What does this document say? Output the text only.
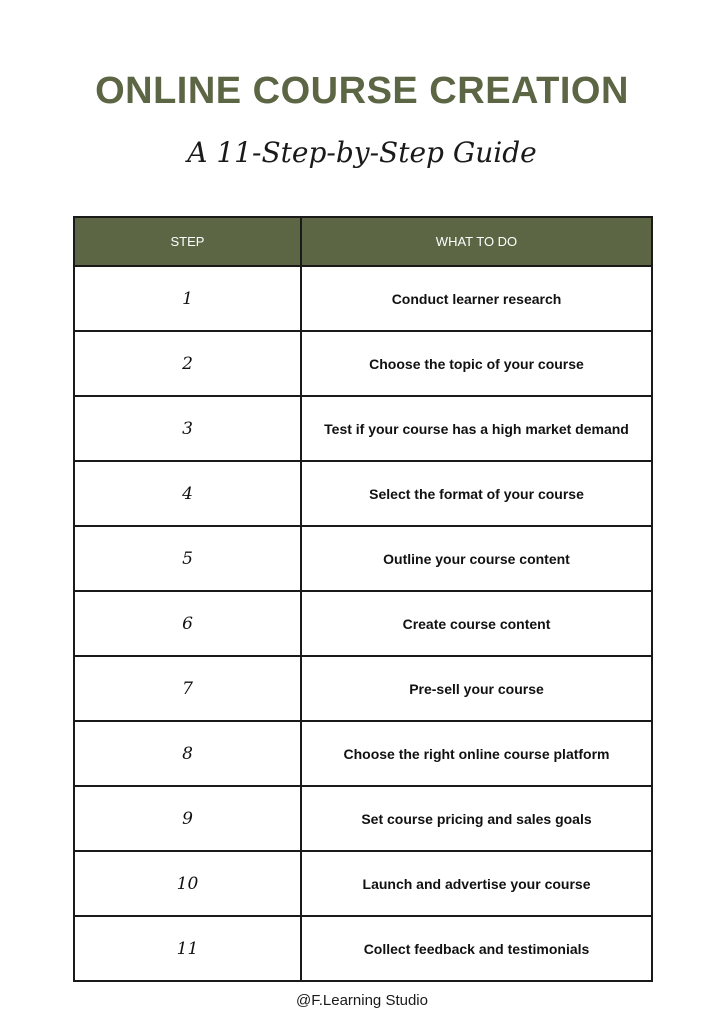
ONLINE COURSE CREATION
A 11-Step-by-Step Guide
STEP	WHAT TO DO
1	Conduct learner research
2	Choose the topic of your course
3	Test if your course has a high market demand
4	Select the format of your course
5	Outline your course content
6	Create course content
7	Pre-sell your course
8	Choose the right online course platform
9	Set course pricing and sales goals
10	Launch and advertise your course
11	Collect feedback and testimonials
@F.Learning Studio
